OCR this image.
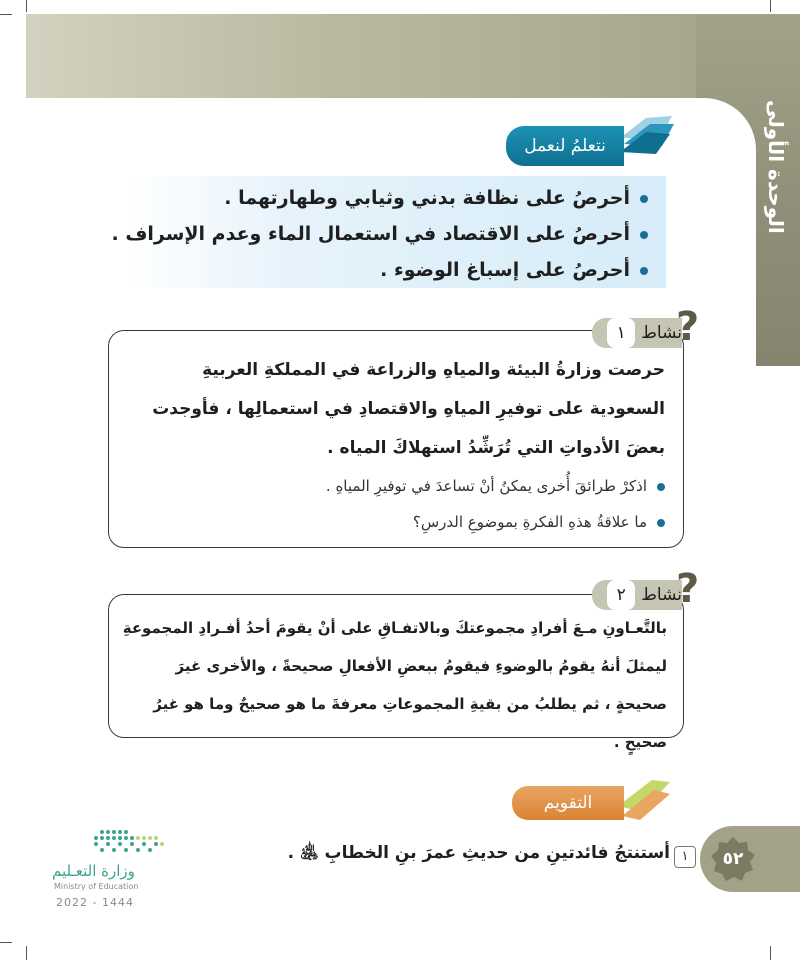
الوحدة الأولى
نتعلمُ لنعمل
أحرصُ على نظافة بدني وثيابي وطهارتهما .
أحرصُ على الاقتصاد في استعمال الماء وعدم الإسراف .
أحرصُ على إسباغ الوضوء .
حرصت وزارةُ البيئة والمياهِ والزراعة في المملكةِ العربيةِ السعودية على توفيرِ المياهِ والاقتصادِ في استعمالِها ، فأوجدت بعضَ الأدواتِ التي تُرَشِّدُ استهلاكَ المياه .
اذكرْ طرائقَ أُخرى يمكنُ أنْ تساعدَ في توفيرِ المياهِ .
ما علاقةُ هذهِ الفكرةِ بموضوعِ الدرسِ؟
نشاط١	?
بالتَّعـاونِ مـعَ أفرادِ مجموعتكَ وبالاتفـاقِ على أنْ يقومَ أحدُ أفـرادِ المجموعةِ ليمثلَ أنهُ يقومُ بالوضوءِ فيقومُ ببعضِ الأفعالِ صحيحةً ، والأخرى غيرَ صحيحةٍ ، ثم يطلبُ من بقيةِ المجموعاتِ معرفةَ ما هو صحيحٌ وما هو غيرُ صحيحٍ .
نشاط٢	?
التقويم
٥٢
١
أستنتجُ فائدتينِ من حديثِ عمرَ بنِ الخطابِ ﵁ .
وزارة التعـليم
Ministry of Education
2022 - 1444
